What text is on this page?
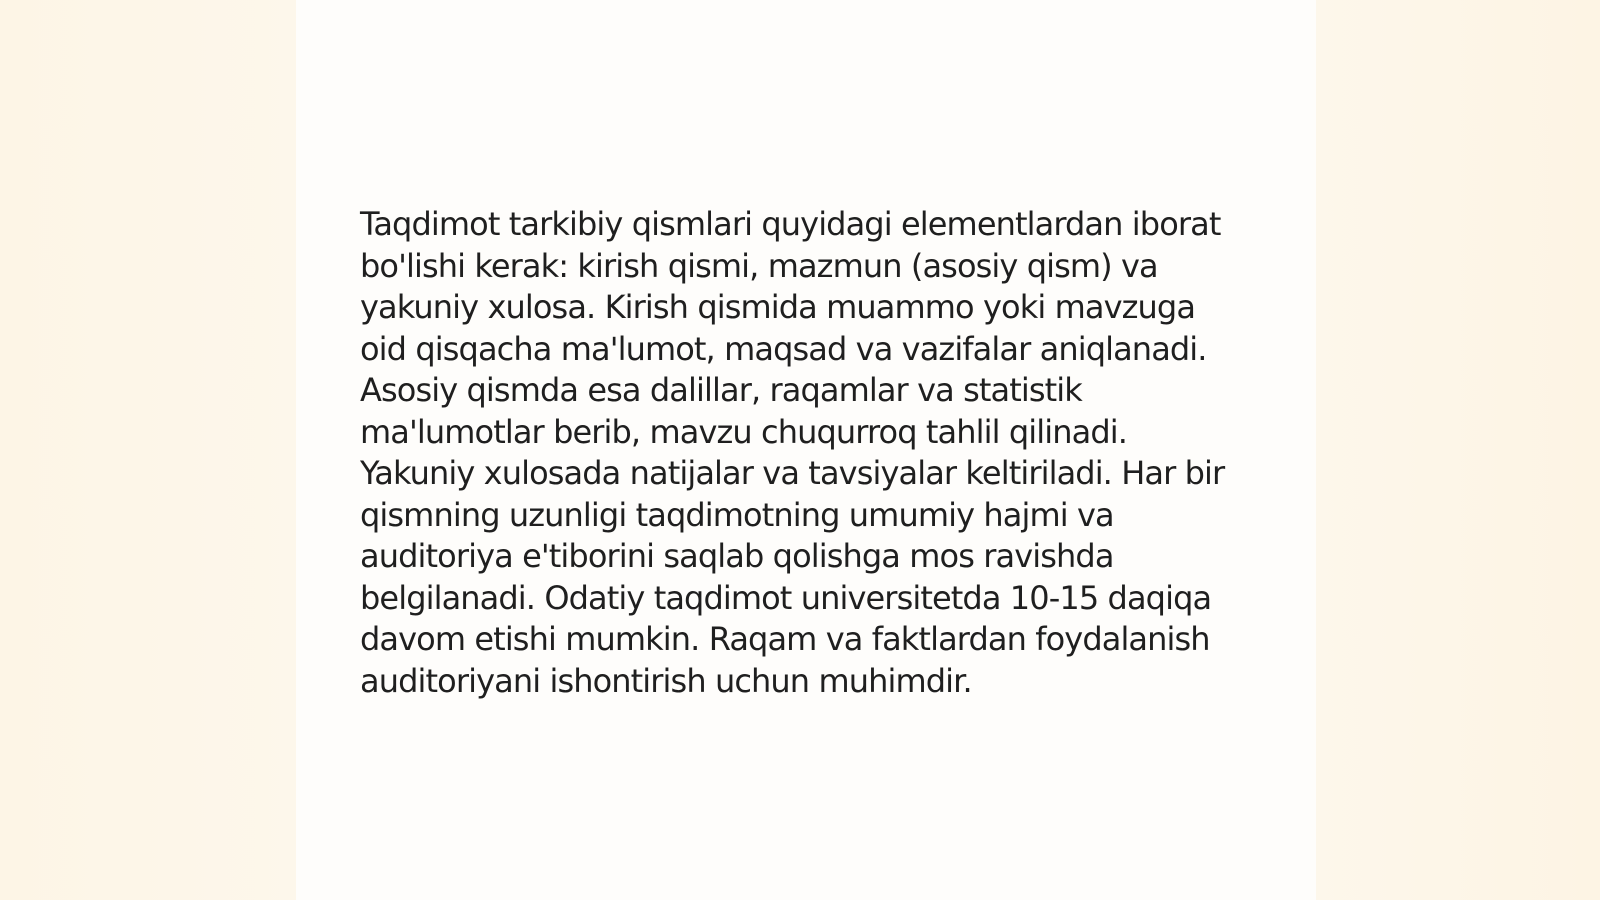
Taqdimot tarkibiy qismlari quyidagi elementlardan iborat bo'lishi kerak: kirish qismi, mazmun (asosiy qism) va yakuniy xulosa. Kirish qismida muammo yoki mavzuga oid qisqacha ma'lumot, maqsad va vazifalar aniqlanadi. Asosiy qismda esa dalillar, raqamlar va statistik ma'lumotlar berib, mavzu chuqurroq tahlil qilinadi. Yakuniy xulosada natijalar va tavsiyalar keltiriladi. Har bir qismning uzunligi taqdimotning umumiy hajmi va auditoriya e'tiborini saqlab qolishga mos ravishda belgilanadi. Odatiy taqdimot universitetda 10-15 daqiqa davom etishi mumkin. Raqam va faktlardan foydalanish auditoriyani ishontirish uchun muhimdir.
